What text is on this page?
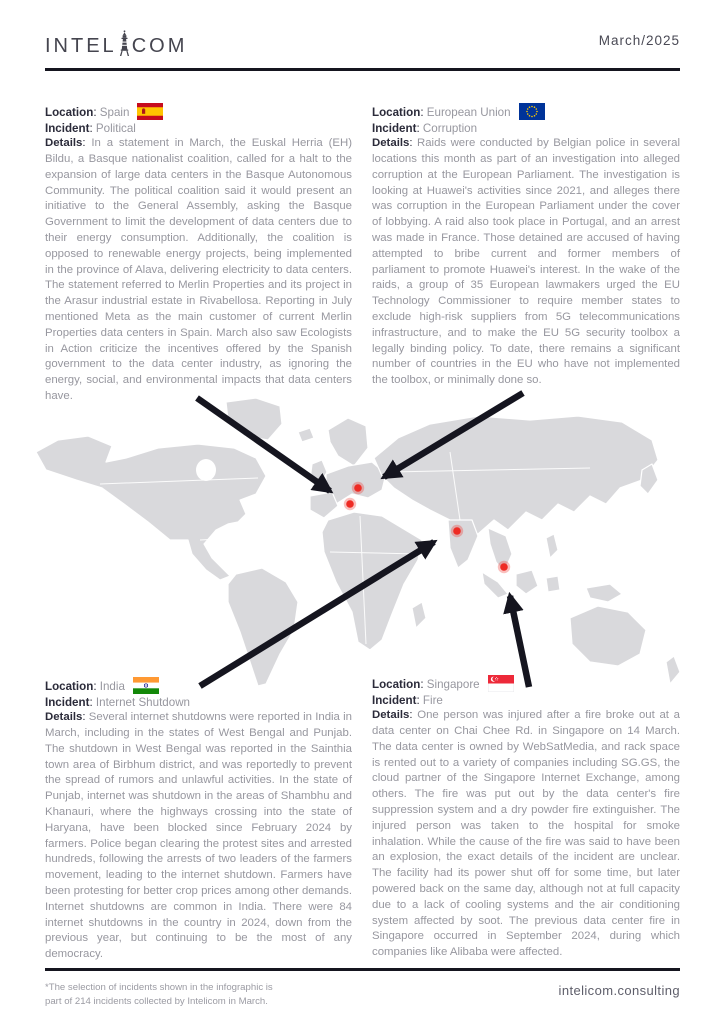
INTEL COM	March/2025

Location: Spain

Incident: Political

Details: In a statement in March, the Euskal Herria (EH) Bildu, a Basque nationalist coalition, called for a halt to the expansion of large data centers in the Basque Autonomous Community. The political coalition said it would present an initiative to the General Assembly, asking the Basque Government to limit the development of data centers due to their energy consumption. Additionally, the coalition is opposed to renewable energy projects, being implemented in the province of Alava, delivering electricity to data centers. The statement referred to Merlin Properties and its project in the Arasur industrial estate in Rivabellosa. Reporting in July mentioned Meta as the main customer of current Merlin Properties data centers in Spain. March also saw Ecologists in Action criticize the incentives offered by the Spanish government to the data center industry, as ignoring the energy, social, and environmental impacts that data centers have.

Location: European Union

Incident: Corruption

Details: Raids were conducted by Belgian police in several locations this month as part of an investigation into alleged corruption at the European Parliament. The investigation is looking at Huawei's activities since 2021, and alleges there was corruption in the European Parliament under the cover of lobbying. A raid also took place in Portugal, and an arrest was made in France. Those detained are accused of having attempted to bribe current and former members of parliament to promote Huawei's interest. In the wake of the raids, a group of 35 European lawmakers urged the EU Technology Commissioner to require member states to exclude high-risk suppliers from 5G telecommunications infrastructure, and to make the EU 5G security toolbox a legally binding policy. To date, there remains a significant number of countries in the EU who have not implemented the toolbox, or minimally done so.

Location: India

Incident: Internet Shutdown

Details: Several internet shutdowns were reported in India in March, including in the states of West Bengal and Punjab. The shutdown in West Bengal was reported in the Sainthia town area of Birbhum district, and was reportedly to prevent the spread of rumors and unlawful activities. In the state of Punjab, internet was shutdown in the areas of Shambhu and Khanauri, where the highways crossing into the state of Haryana, have been blocked since February 2024 by farmers. Police began clearing the protest sites and arrested hundreds, following the arrests of two leaders of the farmers movement, leading to the internet shutdown. Farmers have been protesting for better crop prices among other demands. Internet shutdowns are common in India. There were 84 internet shutdowns in the country in 2024, down from the previous year, but continuing to be the most of any democracy.

Location: Singapore

Incident: Fire

Details: One person was injured after a fire broke out at a data center on Chai Chee Rd. in Singapore on 14 March. The data center is owned by WebSatMedia, and rack space is rented out to a variety of companies including SG.GS, the cloud partner of the Singapore Internet Exchange, among others. The fire was put out by the data center's fire suppression system and a dry powder fire extinguisher. The injured person was taken to the hospital for smoke inhalation. While the cause of the fire was said to have been an explosion, the exact details of the incident are unclear. The facility had its power shut off for some time, but later powered back on the same day, although not at full capacity due to a lack of cooling systems and the air conditioning system affected by soot. The previous data center fire in Singapore occurred in September 2024, during which companies like Alibaba were affected.

*The selection of incidents shown in the infographic is
part of 214 incidents collected by Intelicom in March.
intelicom.consulting
